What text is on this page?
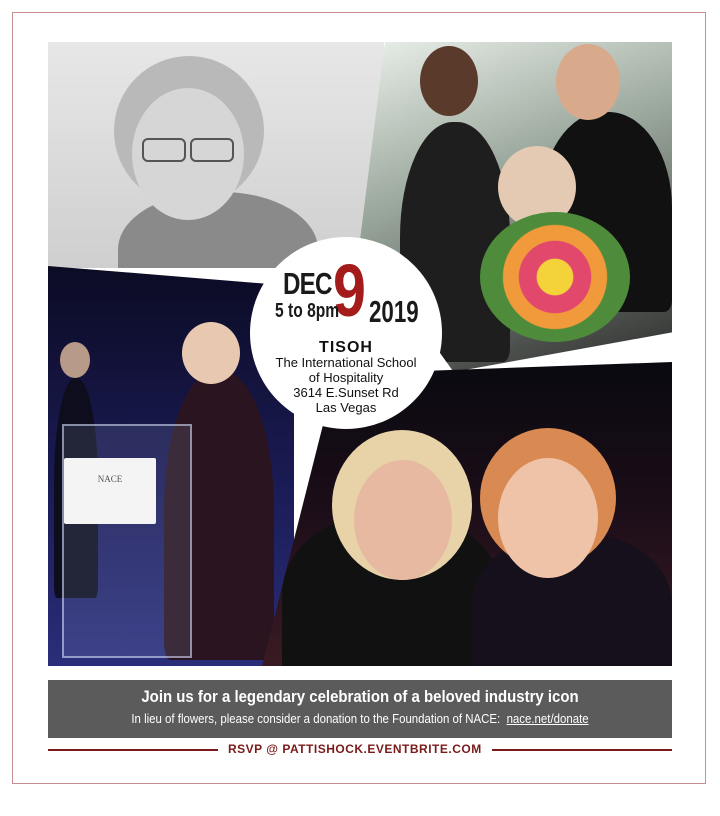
NACE
DEC 9
5 to 8pm 2019
TISOH
The International School
of Hospitality
3614 E.Sunset Rd
Las Vegas
Join us for a legendary celebration of a beloved industry icon
In lieu of flowers, please consider a donation to the Foundation of NACE: nace.net/donate
RSVP @ PATTISHOCK.EVENTBRITE.COM
